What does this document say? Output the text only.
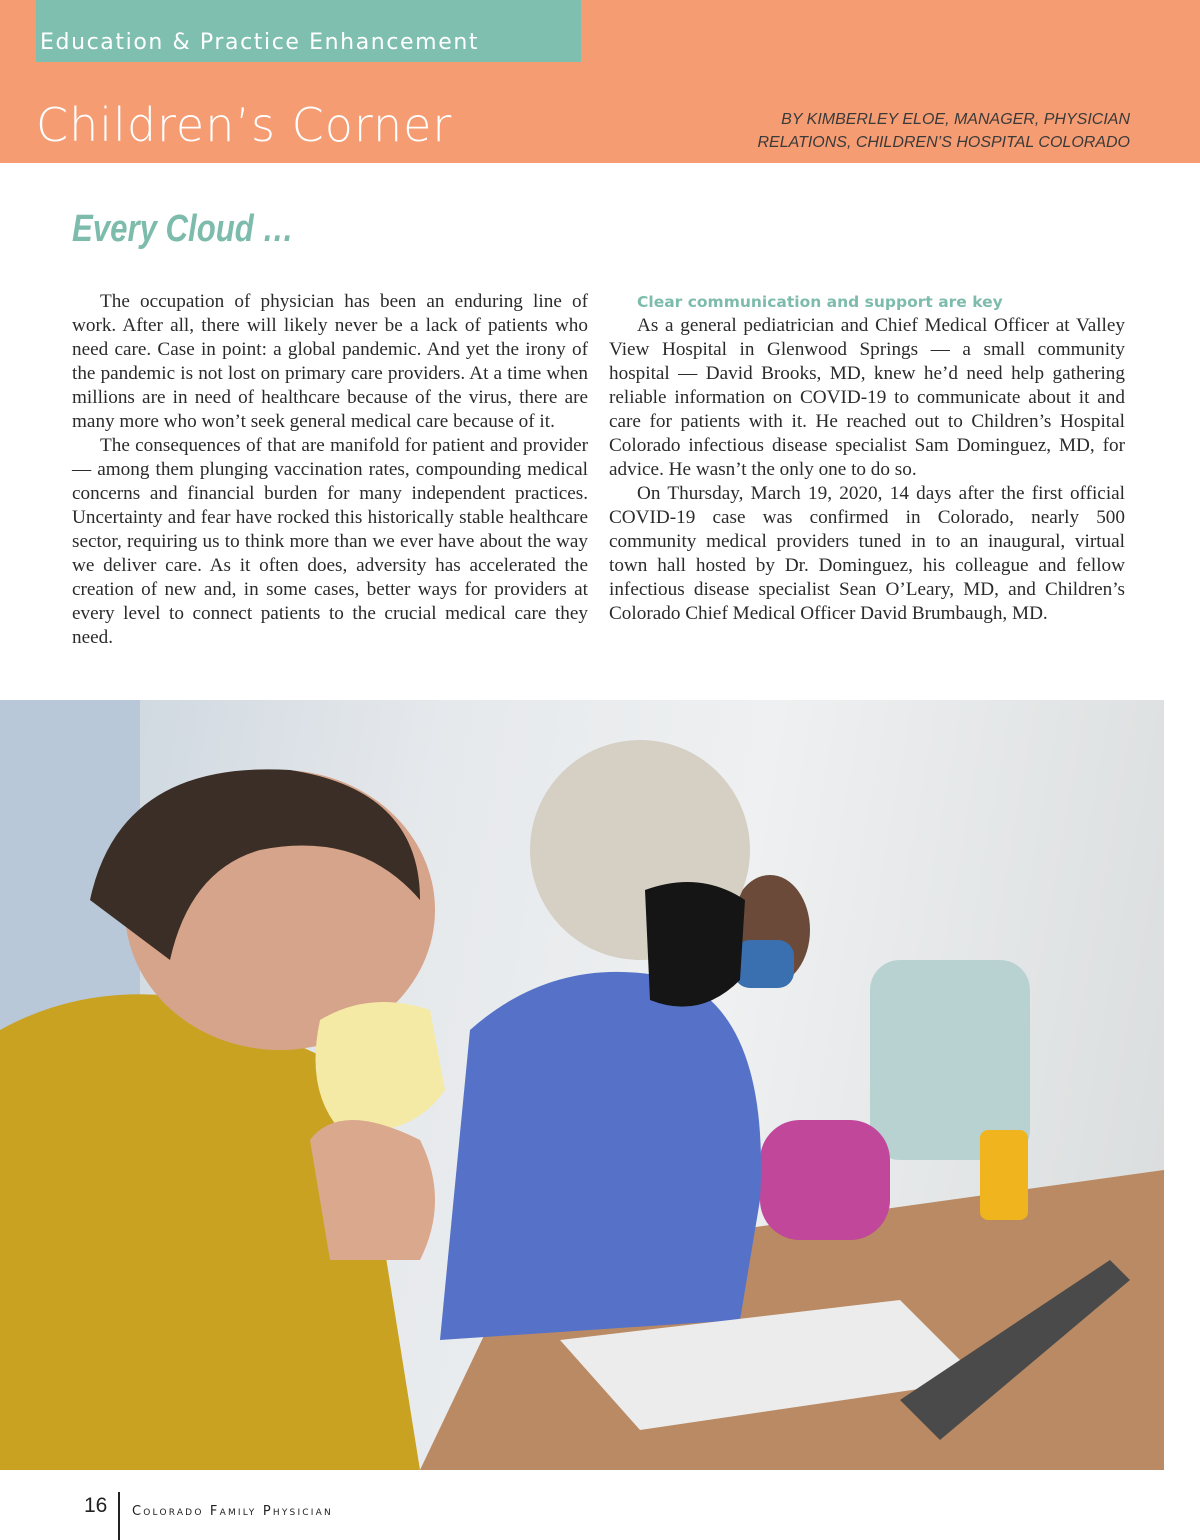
Education & Practice Enhancement
Children’s Corner	BY KIMBERLEY ELOE, MANAGER, PHYSICIAN
RELATIONS, CHILDREN’S HOSPITAL COLORADO
Every Cloud …

The occupation of physician has been an enduring line of work. After all, there will likely never be a lack of patients who need care. Case in point: a global pandemic. And yet the irony of the pandemic is not lost on primary care providers. At a time when millions are in need of healthcare because of the virus, there are many more who won’t seek general medical care because of it.

The consequences of that are manifold for patient and provider — among them plunging vaccination rates, compounding medical concerns and financial burden for many independent practices. Uncertainty and fear have rocked this historically stable healthcare sector, requiring us to think more than we ever have about the way we deliver care. As it often does, adversity has accelerated the creation of new and, in some cases, better ways for providers at every level to connect patients to the crucial medical care they need.

Clear communication and support are key

As a general pediatrician and Chief Medical Officer at Valley View Hospital in Glenwood Springs — a small community hospital — David Brooks, MD, knew he’d need help gathering reliable information on COVID-19 to communicate about it and care for patients with it. He reached out to Children’s Hospital Colorado infectious disease specialist Sam Dominguez, MD, for advice. He wasn’t the only one to do so.

On Thursday, March 19, 2020, 14 days after the first official COVID-19 case was confirmed in Colorado, nearly 500 community medical providers tuned in to an inaugural, virtual town hall hosted by Dr. Dominguez, his colleague and fellow infectious disease specialist Sean O’Leary, MD, and Children’s Colorado Chief Medical Officer David Brumbaugh, MD.

16 Colorado Family Physician
